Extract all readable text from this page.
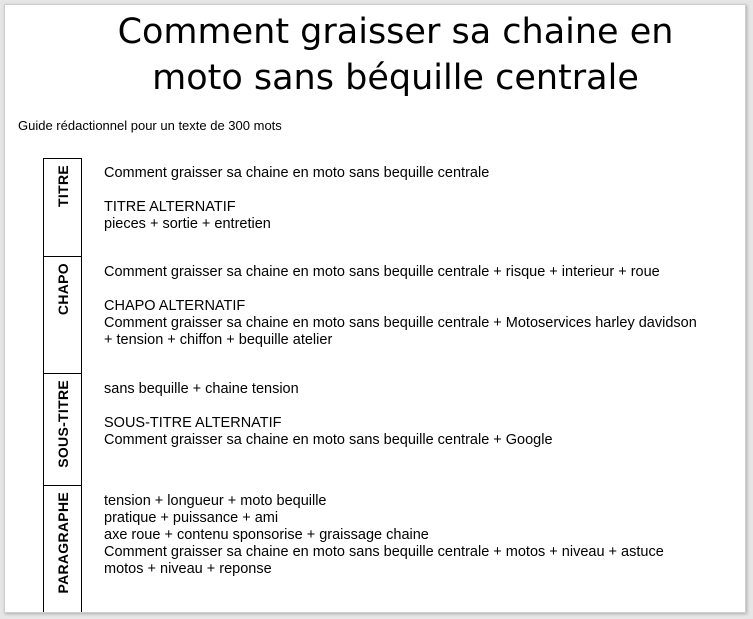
Comment graisser sa chaine en
moto sans béquille centrale
Guide rédactionnel pour un texte de 300 mots
TITRE Comment graisser sa chaine en moto sans bequille centrale
TITRE ALTERNATIF
pieces + sortie + entretien
CHAPO Comment graisser sa chaine en moto sans bequille centrale + risque + interieur + roue
CHAPO ALTERNATIF
Comment graisser sa chaine en moto sans bequille centrale + Motoservices harley davidson
+ tension + chiffon + bequille atelier
SOUS-TITRE sans bequille + chaine tension
SOUS-TITRE ALTERNATIF
Comment graisser sa chaine en moto sans bequille centrale + Google
PARAGRAPHE tension + longueur + moto bequille
pratique + puissance + ami
axe roue + contenu sponsorise + graissage chaine
Comment graisser sa chaine en moto sans bequille centrale + motos + niveau + astuce
motos + niveau + reponse
